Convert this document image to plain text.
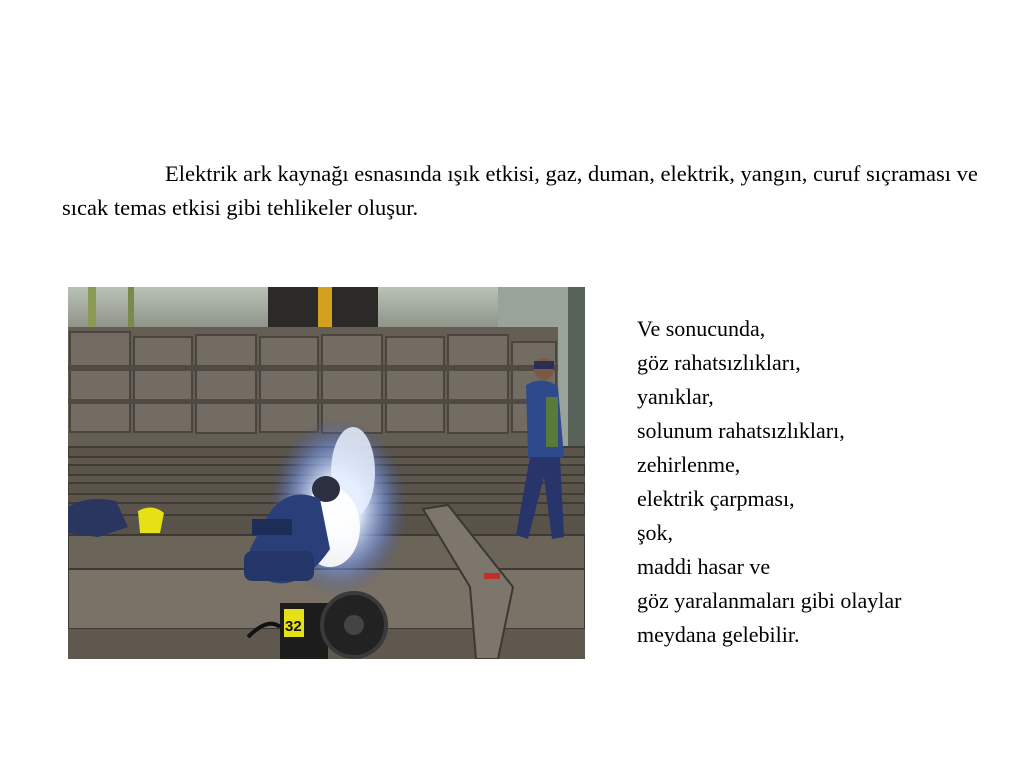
Elektrik ark kaynağı esnasında ışık etkisi, gaz, duman, elektrik, yangın, curuf sıçraması ve sıcak temas etkisi gibi tehlikeler oluşur.

32
Ve sonucunda,
göz rahatsızlıkları,
yanıklar,
solunum rahatsızlıkları,
zehirlenme,
elektrik çarpması,
şok,
maddi hasar ve
göz yaralanmaları gibi olaylar
meydana gelebilir.
